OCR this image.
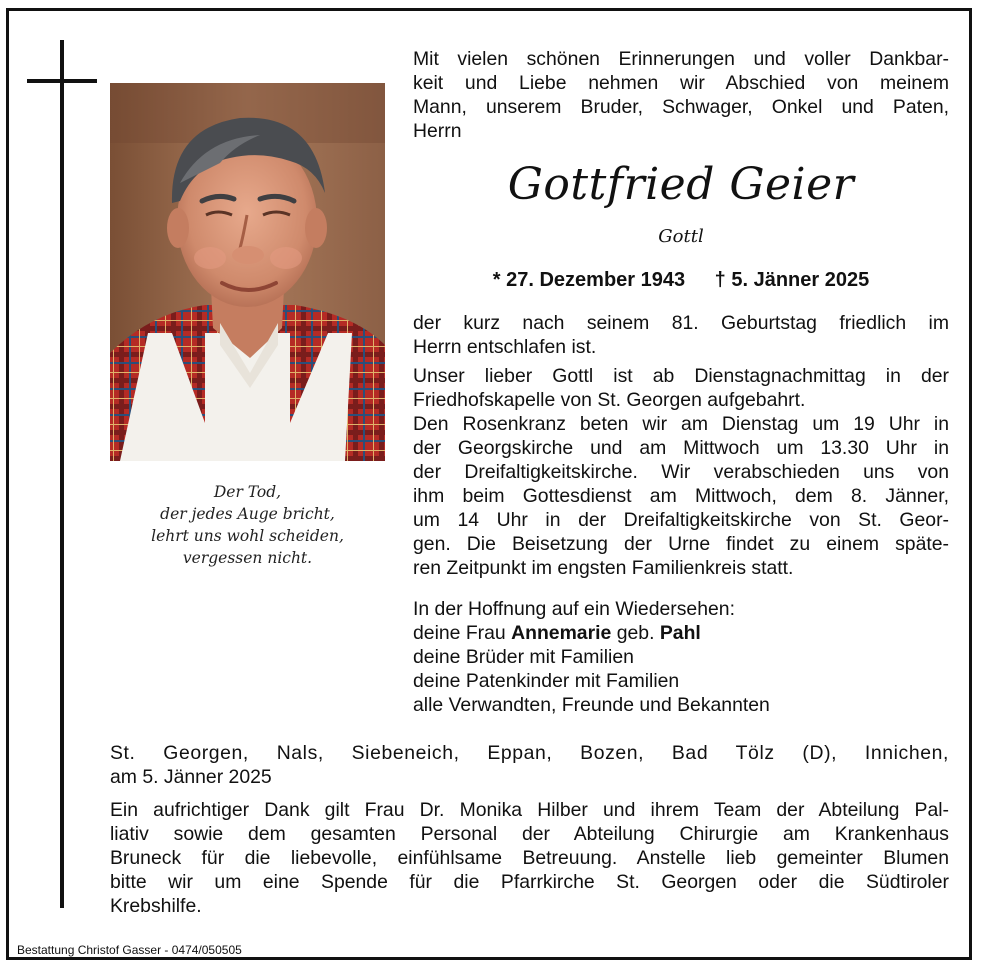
Der Tod,
der jedes Auge bricht,
lehrt uns wohl scheiden,
vergessen nicht.
Mit vielen schönen Erinnerungen und voller Dankbar-
keit und Liebe nehmen wir Abschied von meinem
Mann, unserem Bruder, Schwager, Onkel und Paten,
Herrn
Gottfried Geier
Gottl
* 27. Dezember 1943 † 5. Jänner 2025
der kurz nach seinem 81. Geburtstag friedlich im
Herrn entschlafen ist.
Unser lieber Gottl ist ab Dienstagnachmittag in der
Friedhofskapelle von St. Georgen aufgebahrt.
Den Rosenkranz beten wir am Dienstag um 19 Uhr in
der Georgskirche und am Mittwoch um 13.30 Uhr in
der Dreifaltigkeitskirche. Wir verabschieden uns von
ihm beim Gottesdienst am Mittwoch, dem 8. Jänner,
um 14 Uhr in der Dreifaltigkeitskirche von St. Geor-
gen. Die Beisetzung der Urne findet zu einem späte-
ren Zeitpunkt im engsten Familienkreis statt.
In der Hoffnung auf ein Wiedersehen:
deine Frau Annemarie geb. Pahl
deine Brüder mit Familien
deine Patenkinder mit Familien
alle Verwandten, Freunde und Bekannten
St. Georgen, Nals, Siebeneich, Eppan, Bozen, Bad Tölz (D), Innichen,
am 5. Jänner 2025
Ein aufrichtiger Dank gilt Frau Dr. Monika Hilber und ihrem Team der Abteilung Pal-
liativ sowie dem gesamten Personal der Abteilung Chirurgie am Krankenhaus
Bruneck für die liebevolle, einfühlsame Betreuung. Anstelle lieb gemeinter Blumen
bitte wir um eine Spende für die Pfarrkirche St. Georgen oder die Südtiroler
Krebshilfe.
Bestattung Christof Gasser - 0474/050505
